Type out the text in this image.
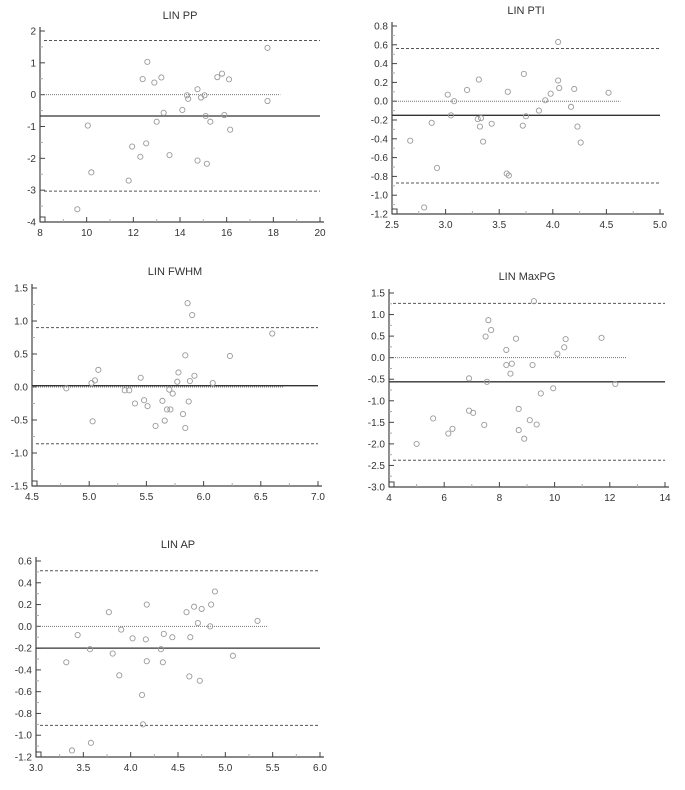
LIN PP
-4
-3
-2
-1
0
1
2
8	10	12	14	16	18	20
LIN PTI
-1.2
-1.0
-0.8
-0.6
-0.4
-0.2
0.0
0.2
0.4
0.6
0.8
2.5	3.0	3.5	4.0	4.5	5.0
LIN FWHM
-1.5
-1.0
-0.5
0.0
0.5
1.0
1.5
4.5	5.0	5.5	6.0	6.5	7.0
LIN MaxPG
-3.0
-2.5
-2.0
-1.5
-1.0
-0.5
0.0
0.5
1.0
1.5
4	6	8	10	12	14
LIN AP
-1.2
-1.0
-0.8
-0.6
-0.4
-0.2
0.0
0.2
0.4
0.6
3.0	3.5	4.0	4.5	5.0	5.5	6.0
